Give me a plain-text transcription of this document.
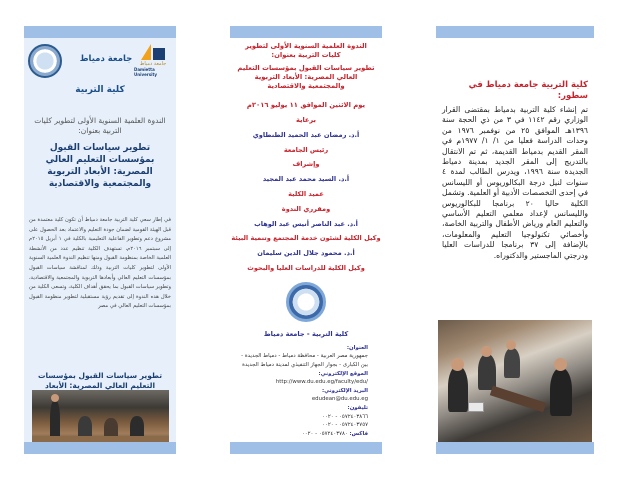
جامعة دمياط
Damietta University
جامعة دمياط
كلية التربية
الندوة العلمية السنوية الأولى لتطوير كليات التربية بعنوان:
تطوير سياسات القبول بمؤسسات التعليم العالي المصرية: الأبعاد التربوية والمجتمعية والاقتصادية
في إطار سعي كلية التربية جامعة دمياط أن تكون كلية معتمدة من قبل الهيئة القومية لضمان جودة التعليم والاعتماد بعد الحصول على مشروع دعم وتطوير الفاعلية التعليمية بالكلية في ١ أبريل ٢٠١٥م إلى سبتمبر ٢٠١٦م، تستهدف الكلية تنظيم عدد من الأنشطة العلمية الخاصة بمنظومة القبول ومنها تنظيم الندوة العلمية السنوية الأولى لتطوير كليات التربية وذلك لمناقشة سياسات القبول بمؤسسات التعليم العالي وأبعادها التربوية والمجتمعية والاقتصادية، وتطوير سياسات القبول بما يحقق أهداف الكلية، وتسعى الكلية من خلال هذه الندوة إلى تقديم رؤية مستقبلية لتطوير منظومة القبول بمؤسسات التعليم العالي في مصر
تطوير سياسات القبول بمؤسسات التعليم العالي المصرية: الأبعاد
الندوة العلمية السنوية الأولى لتطوير كليات التربية بعنوان:
تطوير سياسات القبول بمؤسسات التعليم العالي المصرية: الأبعاد التربوية والمجتمعية والاقتصادية
يوم الاثنين الموافق ١١ يوليو ٢٠١٦م
برعاية
أ.د. رمضان عبد الحميد الطنطاوي
رئيس الجامعة
وإشراف
أ.د. السيد محمد عبد المجيد
عميد الكلية
ومقرري الندوة
أ.د. عبد الناصر أنيس عبد الوهاب
وكيل الكلية لشئون خدمة المجتمع وتنمية البيئة
أ.د. محمود جلال الدين سليمان
وكيل الكلية للدراسات العليا والبحوث
كلية التربية - جامعة دمياط
العنوان:
جمهورية مصر العربية - محافظة دمياط - دمياط الجديدة - بين الكبارى - بجوار الجهاز التنفيذي لمدينة دمياط الجديدة
الموقع الإلكتروني:
http://www.du.edu.eg/faculty/edu/
البريد الإلكتروني:
edudean@du.edu.eg
تليفون:
٠٥٧٢٤٠٣٨٦٦ - ٠٠٢٠
٠٥٧٢٤٠٣٧٥٧ - ٠٠٢٠
فاكس: ٠٥٧٢٤٠٣٧٨٠ - ٠٠٢٠
كلية التربية جامعة دمياط في سطور:
تم إنشاء كلية التربية بدمياط بمقتضى القرار الوزاري رقم ١١٤٢ في ٣ من ذي الحجة سنة ١٣٩٦هـ الموافق ٢٥ من نوفمبر ١٩٧٦ من وحدات الدراسة فعليا من ١/ ١/ ١٩٧٧م في المقر القديم بدمياط القديمة، ثم تم الانتقال بالتدريج إلى المقر الجديد بمدينة دمياط الجديدة سنة ١٩٩٦، ويدرس الطالب لمدة ٤ سنوات لنيل درجة البكالوريوس أو الليسانس في إحدى التخصصات الأدبية أو العلمية. وتشمل الكلية حاليا ٢٠ برنامجا للبكالوريوس والليسانس لإعداد معلمي التعليم الأساسي والتعليم العام ورياض الأطفال والتربية الخاصة، وأخصائي تكنولوجيا التعليم والمعلومات، بالإضافة إلى ٣٧ برنامجا للدراسات العليا ودرجتي الماجستير والدكتوراه.
